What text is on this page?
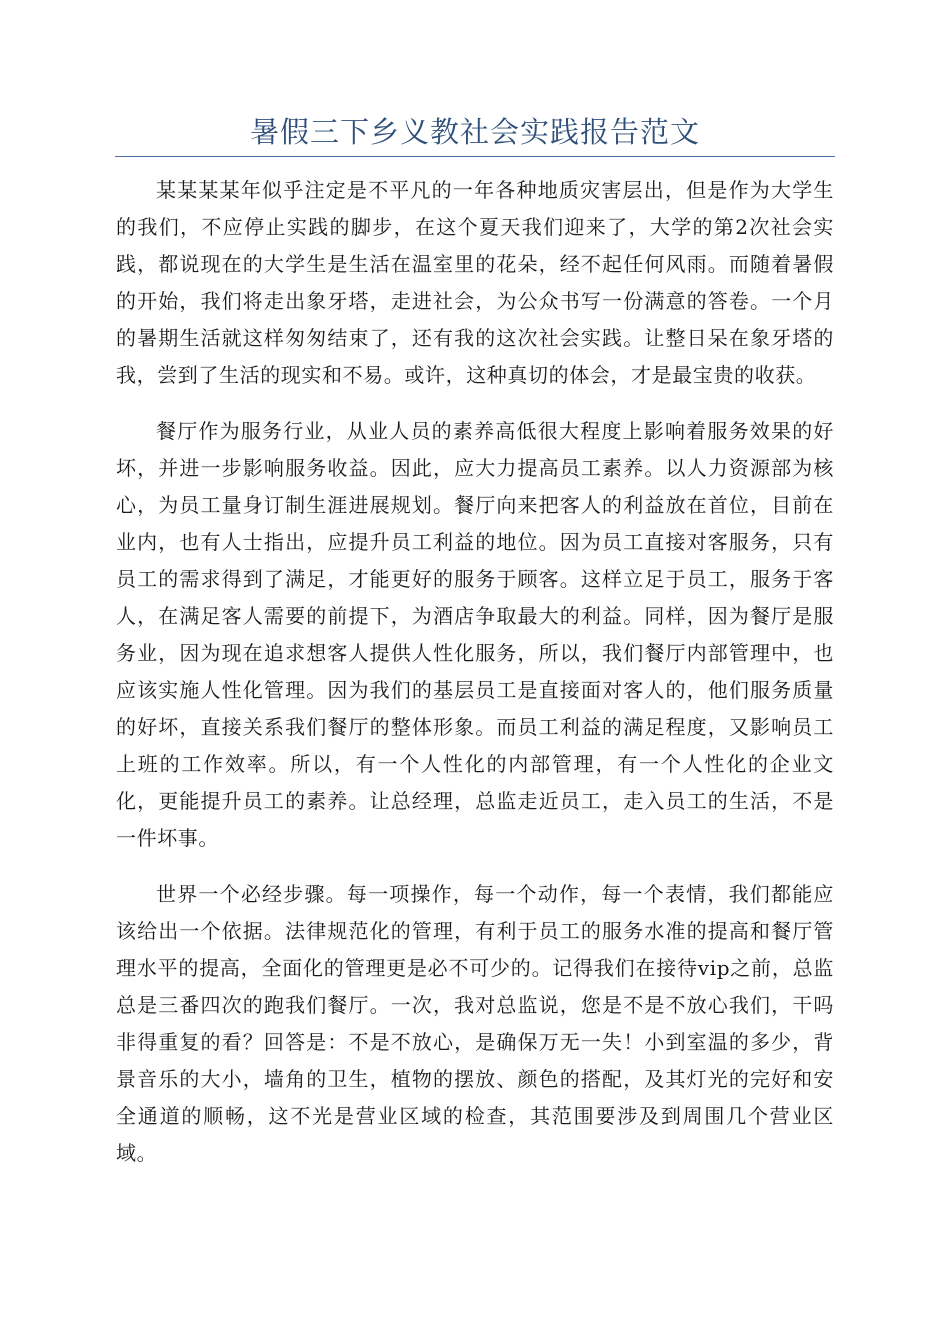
暑假三下乡义教社会实践报告范文

某某某某年似乎注定是不平凡的一年各种地质灾害层出，但是作为大学生的我们，不应停止实践的脚步，在这个夏天我们迎来了，大学的第2次社会实践，都说现在的大学生是生活在温室里的花朵，经不起任何风雨。而随着暑假的开始，我们将走出象牙塔，走进社会，为公众书写一份满意的答卷。一个月的暑期生活就这样匆匆结束了，还有我的这次社会实践。让整日呆在象牙塔的我，尝到了生活的现实和不易。或许，这种真切的体会，才是最宝贵的收获。

餐厅作为服务行业，从业人员的素养高低很大程度上影响着服务效果的好坏，并进一步影响服务收益。因此，应大力提高员工素养。以人力资源部为核心，为员工量身订制生涯进展规划。餐厅向来把客人的利益放在首位，目前在业内，也有人士指出，应提升员工利益的地位。因为员工直接对客服务，只有员工的需求得到了满足，才能更好的服务于顾客。这样立足于员工，服务于客人，在满足客人需要的前提下，为酒店争取最大的利益。同样，因为餐厅是服务业，因为现在追求想客人提供人性化服务，所以，我们餐厅内部管理中，也应该实施人性化管理。因为我们的基层员工是直接面对客人的，他们服务质量的好坏，直接关系我们餐厅的整体形象。而员工利益的满足程度，又影响员工上班的工作效率。所以，有一个人性化的内部管理，有一个人性化的企业文化，更能提升员工的素养。让总经理，总监走近员工，走入员工的生活，不是一件坏事。

世界一个必经步骤。每一项操作，每一个动作，每一个表情，我们都能应该给出一个依据。法律规范化的管理，有利于员工的服务水准的提高和餐厅管理水平的提高，全面化的管理更是必不可少的。记得我们在接待vip之前，总监总是三番四次的跑我们餐厅。一次，我对总监说，您是不是不放心我们，干吗非得重复的看？回答是：不是不放心，是确保万无一失！小到室温的多少，背景音乐的大小，墙角的卫生，植物的摆放、颜色的搭配，及其灯光的完好和安全通道的顺畅，这不光是营业区域的检查，其范围要涉及到周围几个营业区域。
